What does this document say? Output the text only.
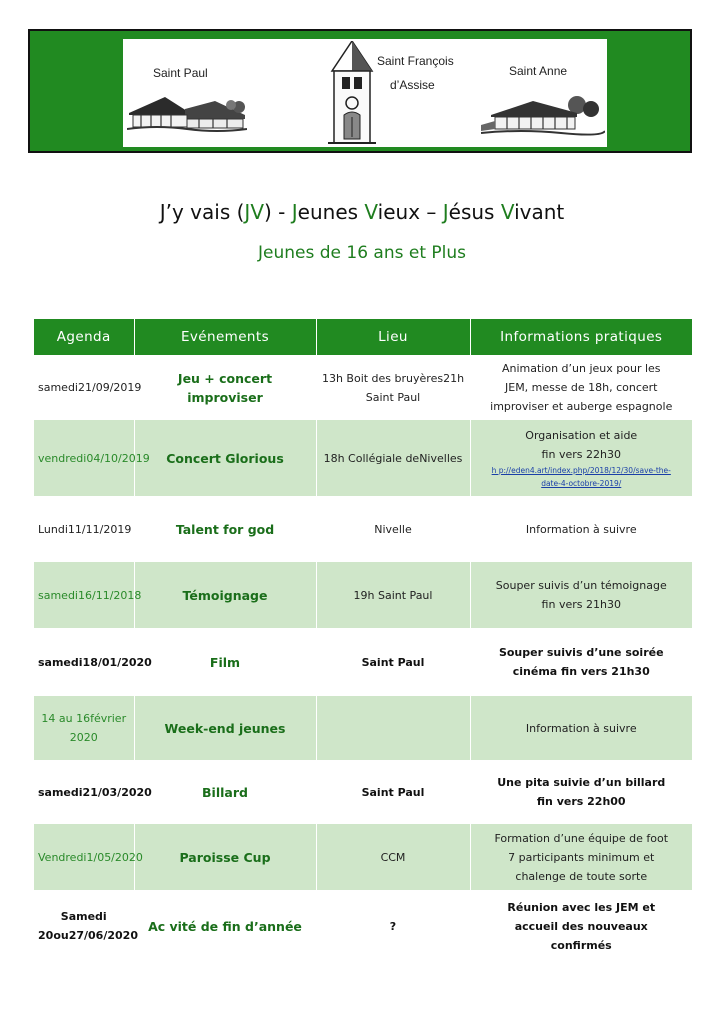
Saint Paul
Saint François
d’Assise
Saint Anne
J’y vais (JV) - Jeunes Vieux – Jésus Vivant
Jeunes de 16 ans et Plus
Agenda	Evénements	Lieu	Informations pratiques
samedi21/09/2019	Jeu + concert improviser	13h Boit des bruyères21h Saint Paul	Animation d’un jeux pour les
JEM, messe de 18h, concert
improviser et auberge espagnole

vendredi04/10/2019	Concert Glorious	18h Collégiale deNivelles	Organisation et aide
fin vers 22h30
h p://eden4.art/index.php/2018/12/30/save-the-
date-4-octobre-2019/

Lundi11/11/2019	Talent for god	Nivelle	Information à suivre

samedi16/11/2018	Témoignage	19h Saint Paul	Souper suivis d’un témoignage
fin vers 21h30

samedi18/01/2020	Film	Saint Paul	Souper suivis d’une soirée
cinéma fin vers 21h30

14 au 16février 2020	Week-end jeunes		Information à suivre

samedi21/03/2020	Billard	Saint Paul	Une pita suivie d’un billard
fin vers 22h00

Vendredi1/05/2020	Paroisse Cup	CCM	Formation d’une équipe de foot
7 participants minimum et
chalenge de toute sorte

Samedi 20ou27/06/2020	Ac vité de fin d’année	?	Réunion avec les JEM et
accueil des nouveaux
confirmés
